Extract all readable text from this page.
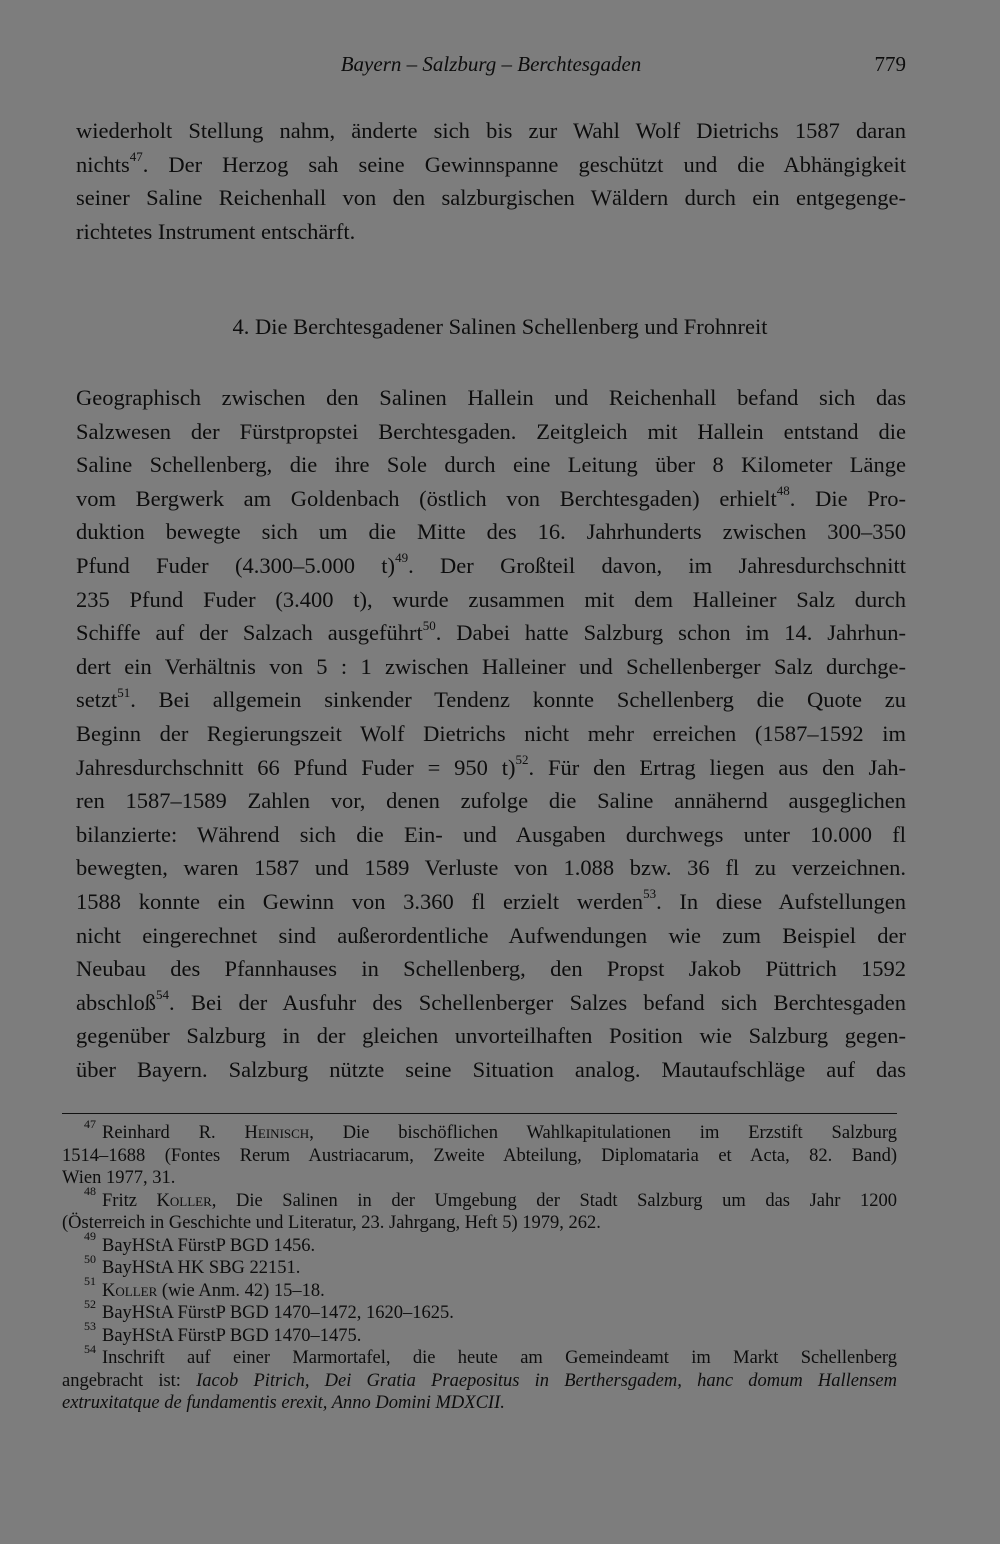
Bayern – Salzburg – Berchtesgaden	779
wiederholt Stellung nahm, änderte sich bis zur Wahl Wolf Dietrichs 1587 daran
nichts$^{47}$. Der Herzog sah seine Gewinnspanne geschützt und die Abhängigkeit
seiner Saline Reichenhall von den salzburgischen Wäldern durch ein entgegenge-
richtetes Instrument entschärft.
4. Die Berchtesgadener Salinen Schellenberg und Frohnreit
Geographisch zwischen den Salinen Hallein und Reichenhall befand sich das
Salzwesen der Fürstpropstei Berchtesgaden. Zeitgleich mit Hallein entstand die
Saline Schellenberg, die ihre Sole durch eine Leitung über 8 Kilometer Länge
vom Bergwerk am Goldenbach (östlich von Berchtesgaden) erhielt$^{48}$. Die Pro-
duktion bewegte sich um die Mitte des 16. Jahrhunderts zwischen 300–350
Pfund Fuder (4.300–5.000 t)$^{49}$. Der Großteil davon, im Jahresdurchschnitt
235 Pfund Fuder (3.400 t), wurde zusammen mit dem Halleiner Salz durch
Schiffe auf der Salzach ausgeführt$^{50}$. Dabei hatte Salzburg schon im 14. Jahrhun-
dert ein Verhältnis von 5 : 1 zwischen Halleiner und Schellenberger Salz durchge-
setzt$^{51}$. Bei allgemein sinkender Tendenz konnte Schellenberg die Quote zu
Beginn der Regierungszeit Wolf Dietrichs nicht mehr erreichen (1587–1592 im
Jahresdurchschnitt 66 Pfund Fuder = 950 t)$^{52}$. Für den Ertrag liegen aus den Jah-
ren 1587–1589 Zahlen vor, denen zufolge die Saline annähernd ausgeglichen
bilanzierte: Während sich die Ein- und Ausgaben durchwegs unter 10.000 fl
bewegten, waren 1587 und 1589 Verluste von 1.088 bzw. 36 fl zu verzeichnen.
1588 konnte ein Gewinn von 3.360 fl erzielt werden$^{53}$. In diese Aufstellungen
nicht eingerechnet sind außerordentliche Aufwendungen wie zum Beispiel der
Neubau des Pfannhauses in Schellenberg, den Propst Jakob Püttrich 1592
abschloß$^{54}$. Bei der Ausfuhr des Schellenberger Salzes befand sich Berchtesgaden
gegenüber Salzburg in der gleichen unvorteilhaften Position wie Salzburg gegen-
über Bayern. Salzburg nützte seine Situation analog. Mautaufschläge auf das
$^{47}$ Reinhard R. Heinisch, Die bischöflichen Wahlkapitulationen im Erzstift Salzburg
1514–1688 (Fontes Rerum Austriacarum, Zweite Abteilung, Diplomataria et Acta, 82. Band)
Wien 1977, 31.
$^{48}$ Fritz Koller, Die Salinen in der Umgebung der Stadt Salzburg um das Jahr 1200
(Österreich in Geschichte und Literatur, 23. Jahrgang, Heft 5) 1979, 262.
$^{49}$ BayHStA FürstP BGD 1456.
$^{50}$ BayHStA HK SBG 22151.
$^{51}$ Koller (wie Anm. 42) 15–18.
$^{52}$ BayHStA FürstP BGD 1470–1472, 1620–1625.
$^{53}$ BayHStA FürstP BGD 1470–1475.
$^{54}$ Inschrift auf einer Marmortafel, die heute am Gemeindeamt im Markt Schellenberg
angebracht ist: Iacob Pitrich, Dei Gratia Praepositus in Berthersgadem, hanc domum Hallensem
extruxitatque de fundamentis erexit, Anno Domini MDXCII.
